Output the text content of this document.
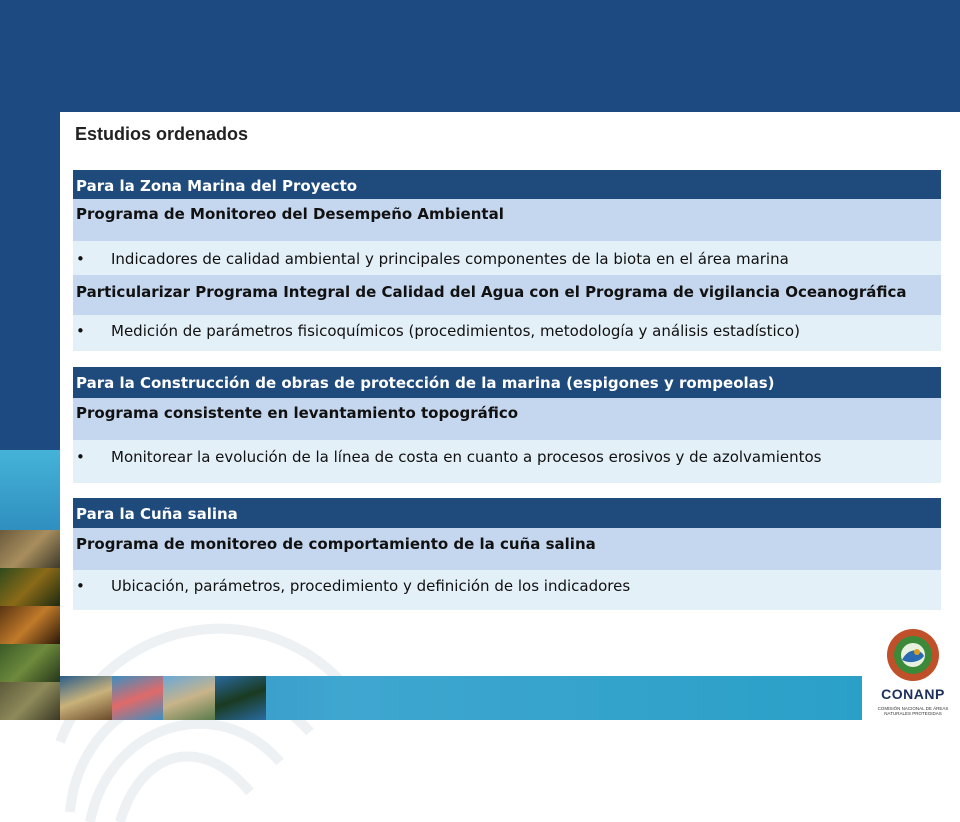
CONANP
COMISIÓN NACIONAL DE ÁREAS NATURALES PROTEGIDAS
Estudios ordenados
Para la Zona Marina del Proyecto
Programa de Monitoreo del Desempeño Ambiental
• Indicadores de calidad ambiental y principales componentes de la biota en el área marina
Particularizar Programa Integral de Calidad del Agua con el Programa de vigilancia Oceanográfica
• Medición de parámetros fisicoquímicos (procedimientos, metodología y análisis estadístico)
Para la Construcción de obras de protección de la marina (espigones y rompeolas)
Programa consistente en levantamiento topográfico
• Monitorear la evolución de la línea de costa en cuanto a procesos erosivos y de azolvamientos
Para la Cuña salina
Programa de monitoreo de comportamiento de la cuña salina
• Ubicación, parámetros, procedimiento y definición de los indicadores
